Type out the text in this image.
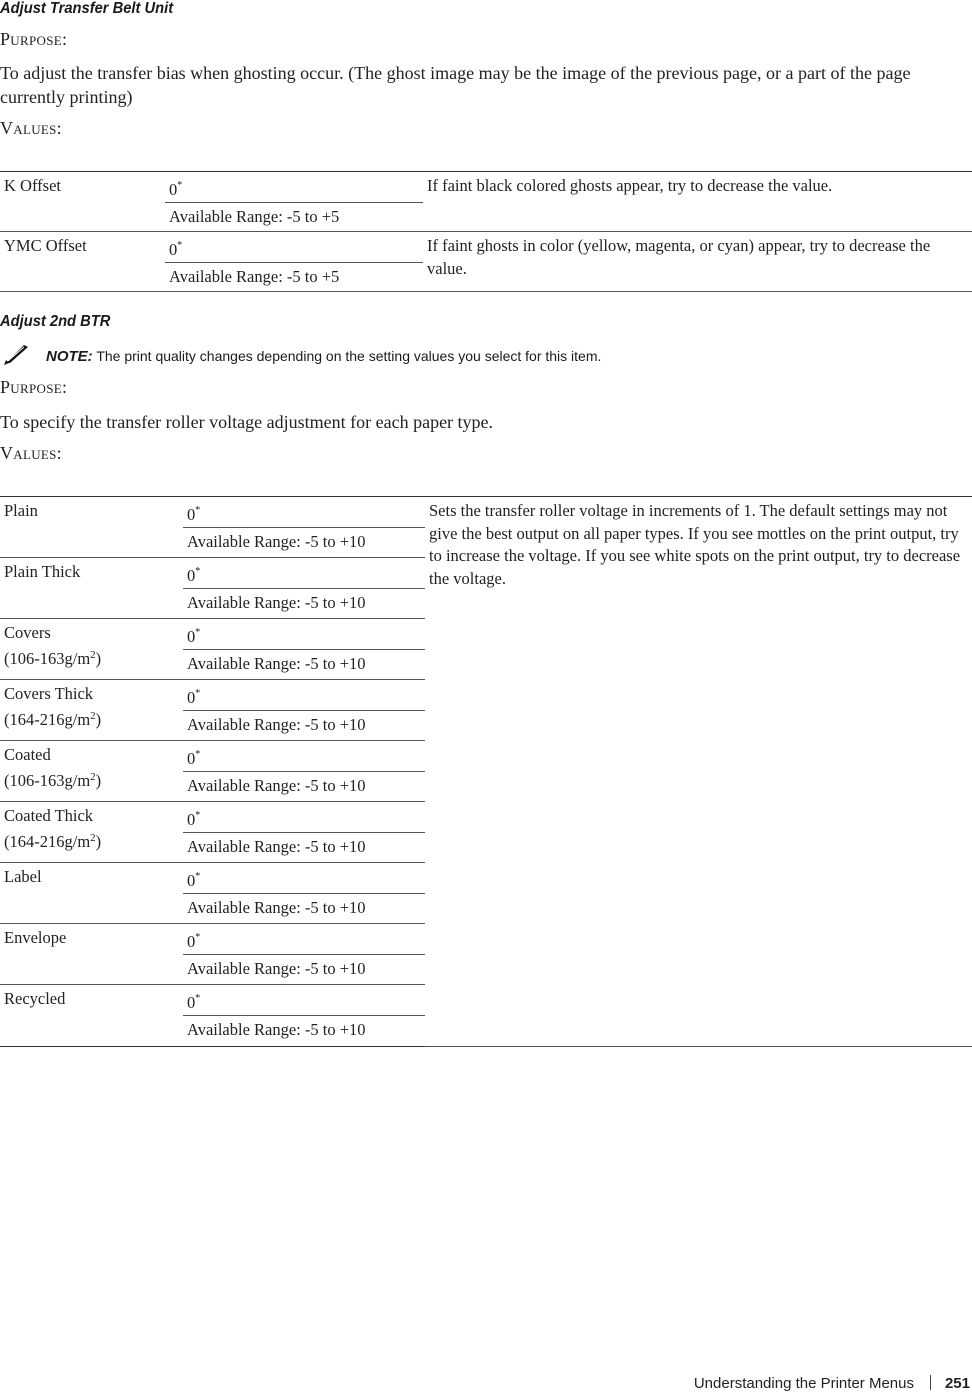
Adjust Transfer Belt Unit
Purpose:
To adjust the transfer bias when ghosting occur. (The ghost image may be the image of the previous page, or a part of the page currently printing)
Values:
K Offset	0*	If faint black colored ghosts appear, try to decrease the value.
	Available Range: -5 to +5	
YMC Offset	0*	If faint ghosts in color (yellow, magenta, or cyan) appear, try to decrease the value.
	Available Range: -5 to +5	
Adjust 2nd BTR
NOTE: The print quality changes depending on the setting values you select for this item.
Purpose:
To specify the transfer roller voltage adjustment for each paper type.
Values:
Plain	0*	Sets the transfer roller voltage in increments of 1. The default settings may not give the best output on all paper types. If you see mottles on the print output, try to increase the voltage. If you see white spots on the print output, try to decrease the voltage.
	Available Range: -5 to +10	
Plain Thick	0*
	Available Range: -5 to +10	
Covers
$(106-163g/m^2)$	0*
	Available Range: -5 to +10	
Covers Thick
$(164-216g/m^2)$	0*
	Available Range: -5 to +10	
Coated
$(106-163g/m^2)$	0*
	Available Range: -5 to +10	
Coated Thick
$(164-216g/m^2)$	0*
	Available Range: -5 to +10	
Label	0*
	Available Range: -5 to +10	
Envelope	0*
	Available Range: -5 to +10	
Recycled	0*
	Available Range: -5 to +10	
Understanding the Printer Menus 251
